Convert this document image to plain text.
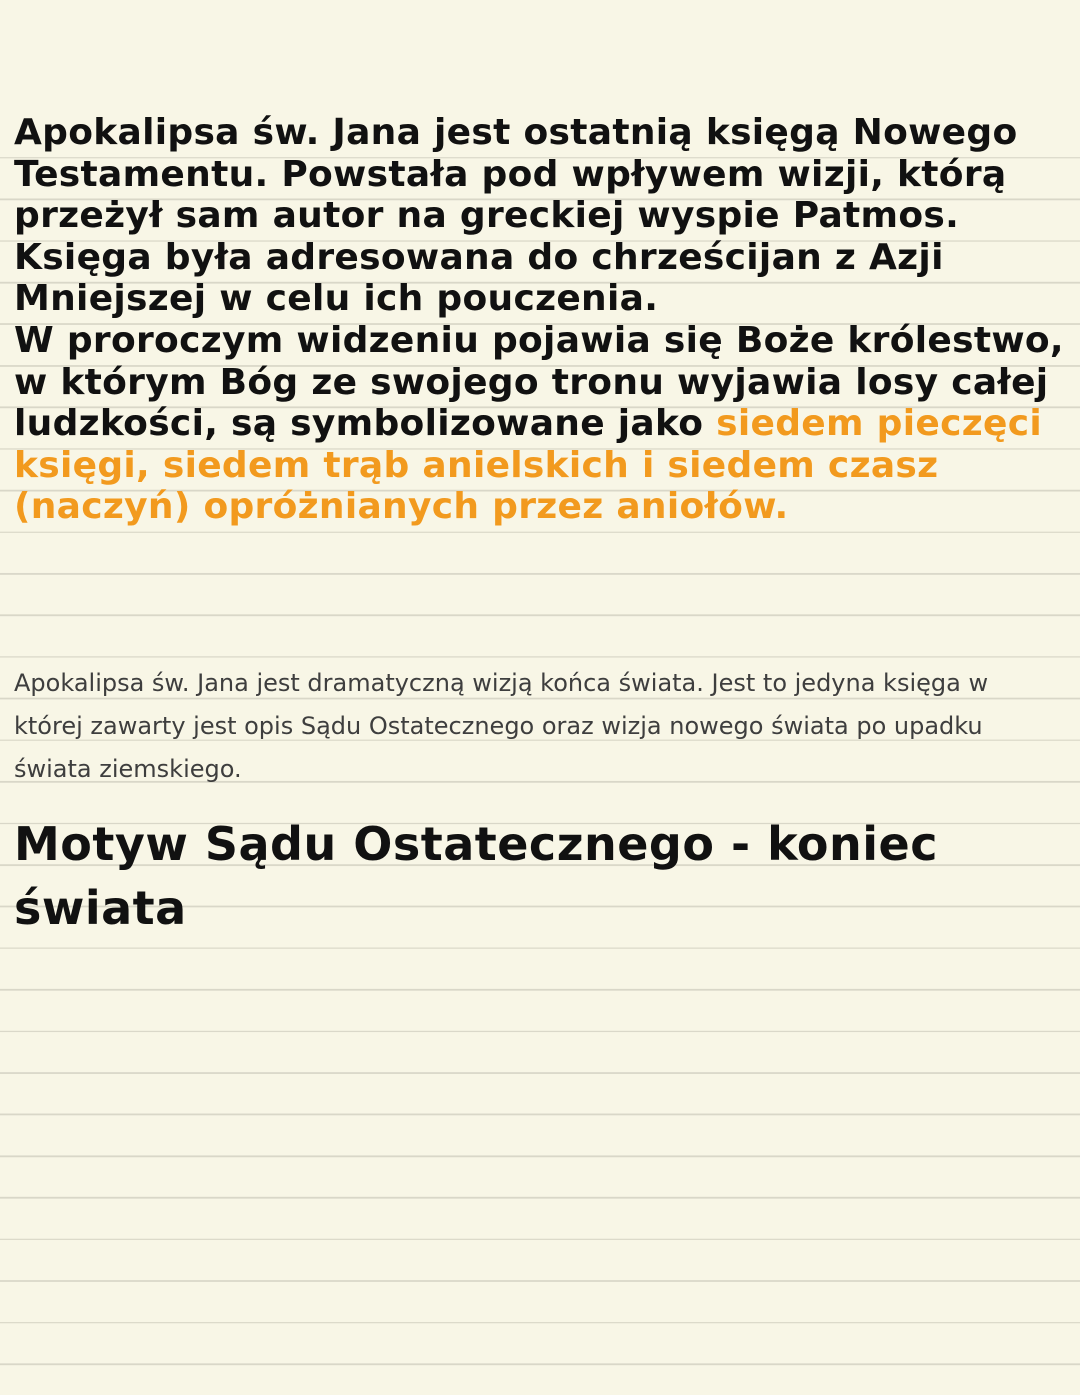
Apokalipsa św. Jana jest ostatnią księgą Nowego Testamentu. Powstała pod wpływem wizji, którą przeżył sam autor na greckiej wyspie Patmos. Księga była adresowana do chrześcijan z Azji Mniejszej w celu ich pouczenia.

W proroczym widzeniu pojawia się Boże królestwo, w którym Bóg ze swojego tronu wyjawia losy całej ludzkości, są symbolizowane jako siedem pieczęci księgi, siedem trąb anielskich i siedem czasz (naczyń) opróżnianych przez aniołów.

Apokalipsa św. Jana jest dramatyczną wizją końca świata. Jest to jedyna księga w której zawarty jest opis Sądu Ostatecznego oraz wizja nowego świata po upadku świata ziemskiego.

Motyw Sądu Ostatecznego - koniec świata
